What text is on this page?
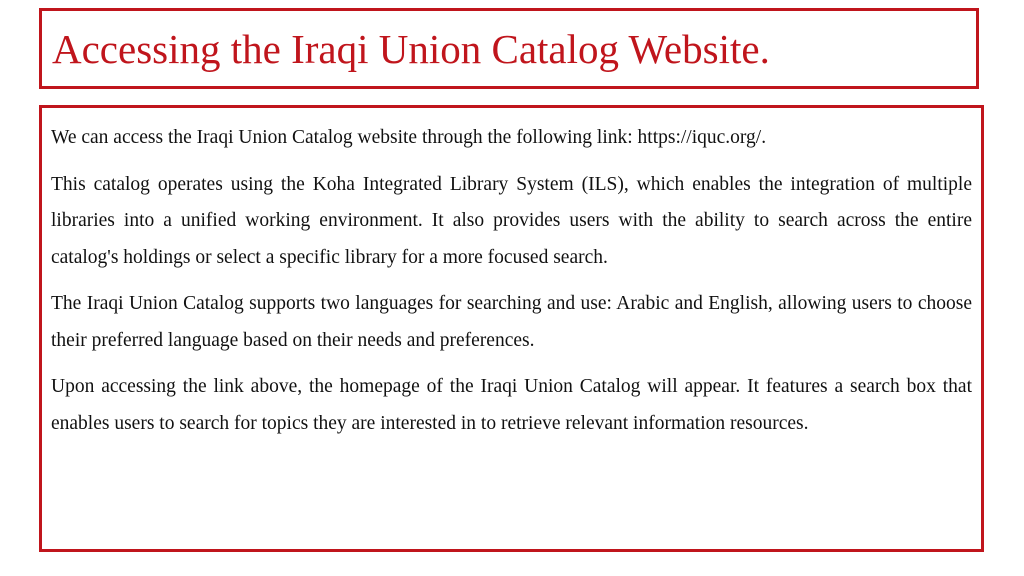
Accessing the Iraqi Union Catalog Website.

We can access the Iraqi Union Catalog website through the following link: https://iquc.org/.

This catalog operates using the Koha Integrated Library System (ILS), which enables the integration of multiple libraries into a unified working environment. It also provides users with the ability to search across the entire catalog's holdings or select a specific library for a more focused search.

The Iraqi Union Catalog supports two languages for searching and use: Arabic and English, allowing users to choose their preferred language based on their needs and preferences.

Upon accessing the link above, the homepage of the Iraqi Union Catalog will appear. It features a search box that enables users to search for topics they are interested in to retrieve relevant information resources.
